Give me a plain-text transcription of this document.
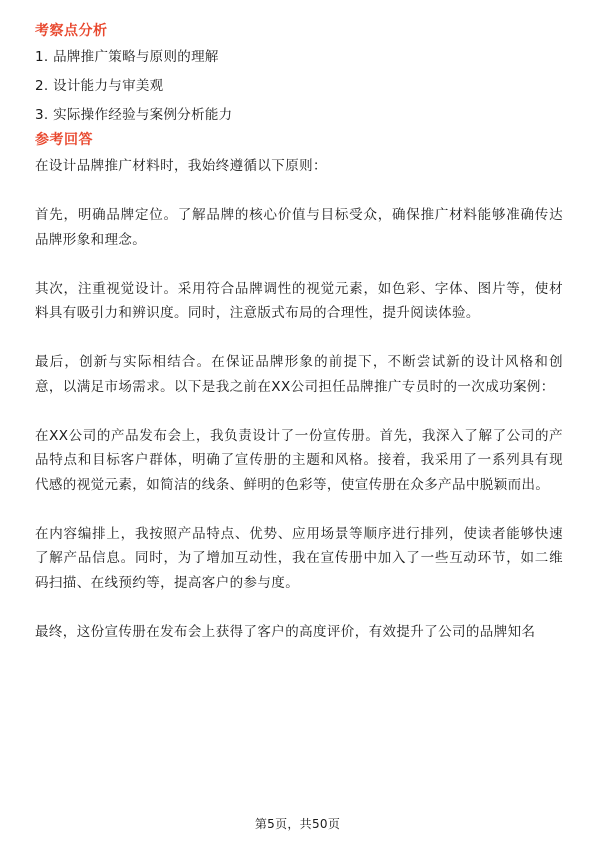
考察点分析
1. 品牌推广策略与原则的理解
2. 设计能力与审美观
3. 实际操作经验与案例分析能力
参考回答

在设计品牌推广材料时，我始终遵循以下原则：

首先，明确品牌定位。了解品牌的核心价值与目标受众，确保推广材料能够准确传达品牌形象和理念。

其次，注重视觉设计。采用符合品牌调性的视觉元素，如色彩、字体、图片等，使材料具有吸引力和辨识度。同时，注意版式布局的合理性，提升阅读体验。

最后，创新与实际相结合。在保证品牌形象的前提下，不断尝试新的设计风格和创意，以满足市场需求。以下是我之前在XX公司担任品牌推广专员时的一次成功案例：

在XX公司的产品发布会上，我负责设计了一份宣传册。首先，我深入了解了公司的产品特点和目标客户群体，明确了宣传册的主题和风格。接着，我采用了一系列具有现代感的视觉元素，如简洁的线条、鲜明的色彩等，使宣传册在众多产品中脱颖而出。

在内容编排上，我按照产品特点、优势、应用场景等顺序进行排列，使读者能够快速了解产品信息。同时，为了增加互动性，我在宣传册中加入了一些互动环节，如二维码扫描、在线预约等，提高客户的参与度。

最终，这份宣传册在发布会上获得了客户的高度评价，有效提升了公司的品牌知名

第5页，共50页
